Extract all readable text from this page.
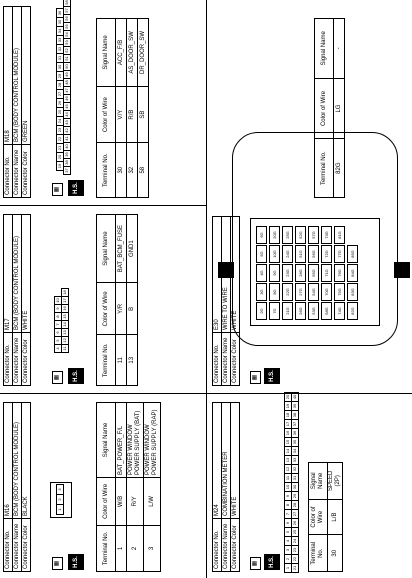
Connector No.	M16
Connector Name	BCM (BODY CONTROL MODULE)
Connector Color	BLACK
▦	H.S.
1
2
3
Terminal No.	Color of Wire	Signal Name
1	W/B	BAT_POWER_F/L
2	R/Y	POWER WINDOW POWER SUPPLY (BAT)
3	L/W	POWER WINDOW POWER SUPPLY (RAP)
Connector No.	M17
Connector Name	BCM (BODY CONTROL MODULE)
Connector Color	WHITE
▦	H.S.
4
5
6
7
8
9
10
11
12
13
14
15
16
17
18
Terminal No.	Color of Wire	Signal Name
11	Y/R	BAT_BCM_FUSE
13	B	GND1
Connector No.	M18
Connector Name	BCM (BODY CONTROL MODULE)
Connector Color	GREEN
▦	H.S.
19
20
21
22
23
24
25
26
27
28
29
30
31
32
33
34
35
36
37
38
39
40
41
42
43
44
45
46
47
48
49
50
51
52
53
54
55
56
57
58
Terminal No.	Color of Wire	Signal Name
30	V/Y	ACC_F/B
32	R/B	AS_DOOR_SW
58	SB	DR_DOOR_SW
Connector No.	M24
Connector Name	COMBINATION METER
Connector Color	WHITE
▦	H.S.
1
2
3
4
5
6
7
8
9
10
11
12
13
14
15
16
17
18
19
20
21
22
23
24
25
26
27
28
29
30
31
32
33
34
35
36
37
38
39
40
Terminal No.	Color of Wire	Signal Name
30	L/B	SPEED (2P)
Connector No.	E30
Connector Name	WIRE TO WIRE
Connector Color	WHITE
▦	H.S.
2G
3G
4G
5G
6G
7G
8G
9G
10G
20G
21G
22G
23G
24G
25G
26G
27G
28G
51G
52G
53G
54G
55G
56G
57G
58G
70G
71G
72G
73G
74G
75G
76G
77G
81G
82G
83G
84G
85G
Terminal No.	Color of Wire	Signal Name
82G	LG	-
